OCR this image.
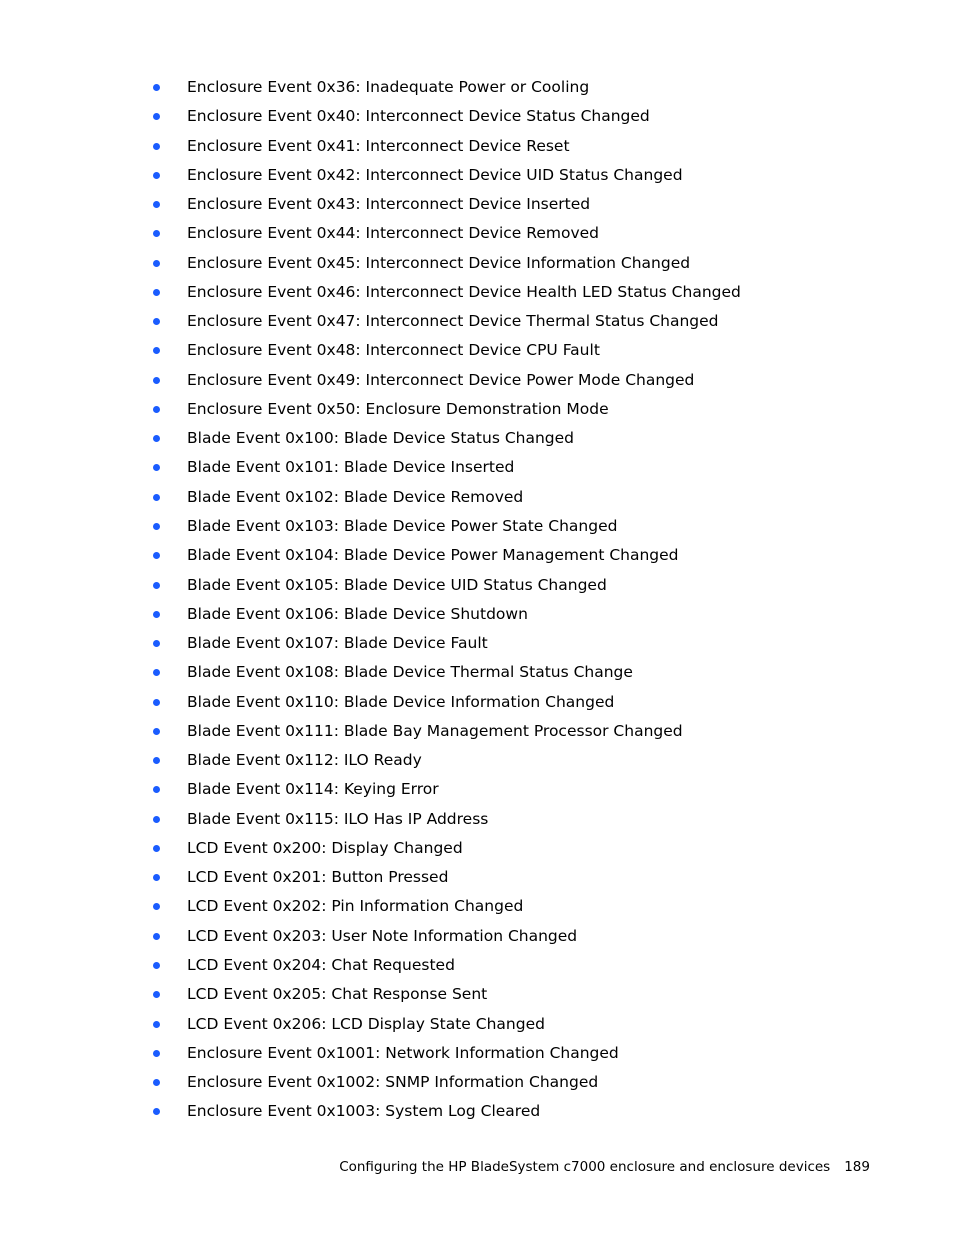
Enclosure Event 0x36: Inadequate Power or Cooling
Enclosure Event 0x40: Interconnect Device Status Changed
Enclosure Event 0x41: Interconnect Device Reset
Enclosure Event 0x42: Interconnect Device UID Status Changed
Enclosure Event 0x43: Interconnect Device Inserted
Enclosure Event 0x44: Interconnect Device Removed
Enclosure Event 0x45: Interconnect Device Information Changed
Enclosure Event 0x46: Interconnect Device Health LED Status Changed
Enclosure Event 0x47: Interconnect Device Thermal Status Changed
Enclosure Event 0x48: Interconnect Device CPU Fault
Enclosure Event 0x49: Interconnect Device Power Mode Changed
Enclosure Event 0x50: Enclosure Demonstration Mode
Blade Event 0x100: Blade Device Status Changed
Blade Event 0x101: Blade Device Inserted
Blade Event 0x102: Blade Device Removed
Blade Event 0x103: Blade Device Power State Changed
Blade Event 0x104: Blade Device Power Management Changed
Blade Event 0x105: Blade Device UID Status Changed
Blade Event 0x106: Blade Device Shutdown
Blade Event 0x107: Blade Device Fault
Blade Event 0x108: Blade Device Thermal Status Change
Blade Event 0x110: Blade Device Information Changed
Blade Event 0x111: Blade Bay Management Processor Changed
Blade Event 0x112: ILO Ready
Blade Event 0x114: Keying Error
Blade Event 0x115: ILO Has IP Address
LCD Event 0x200: Display Changed
LCD Event 0x201: Button Pressed
LCD Event 0x202: Pin Information Changed
LCD Event 0x203: User Note Information Changed
LCD Event 0x204: Chat Requested
LCD Event 0x205: Chat Response Sent
LCD Event 0x206: LCD Display State Changed
Enclosure Event 0x1001: Network Information Changed
Enclosure Event 0x1002: SNMP Information Changed
Enclosure Event 0x1003: System Log Cleared
Configuring the HP BladeSystem c7000 enclosure and enclosure devices 189
